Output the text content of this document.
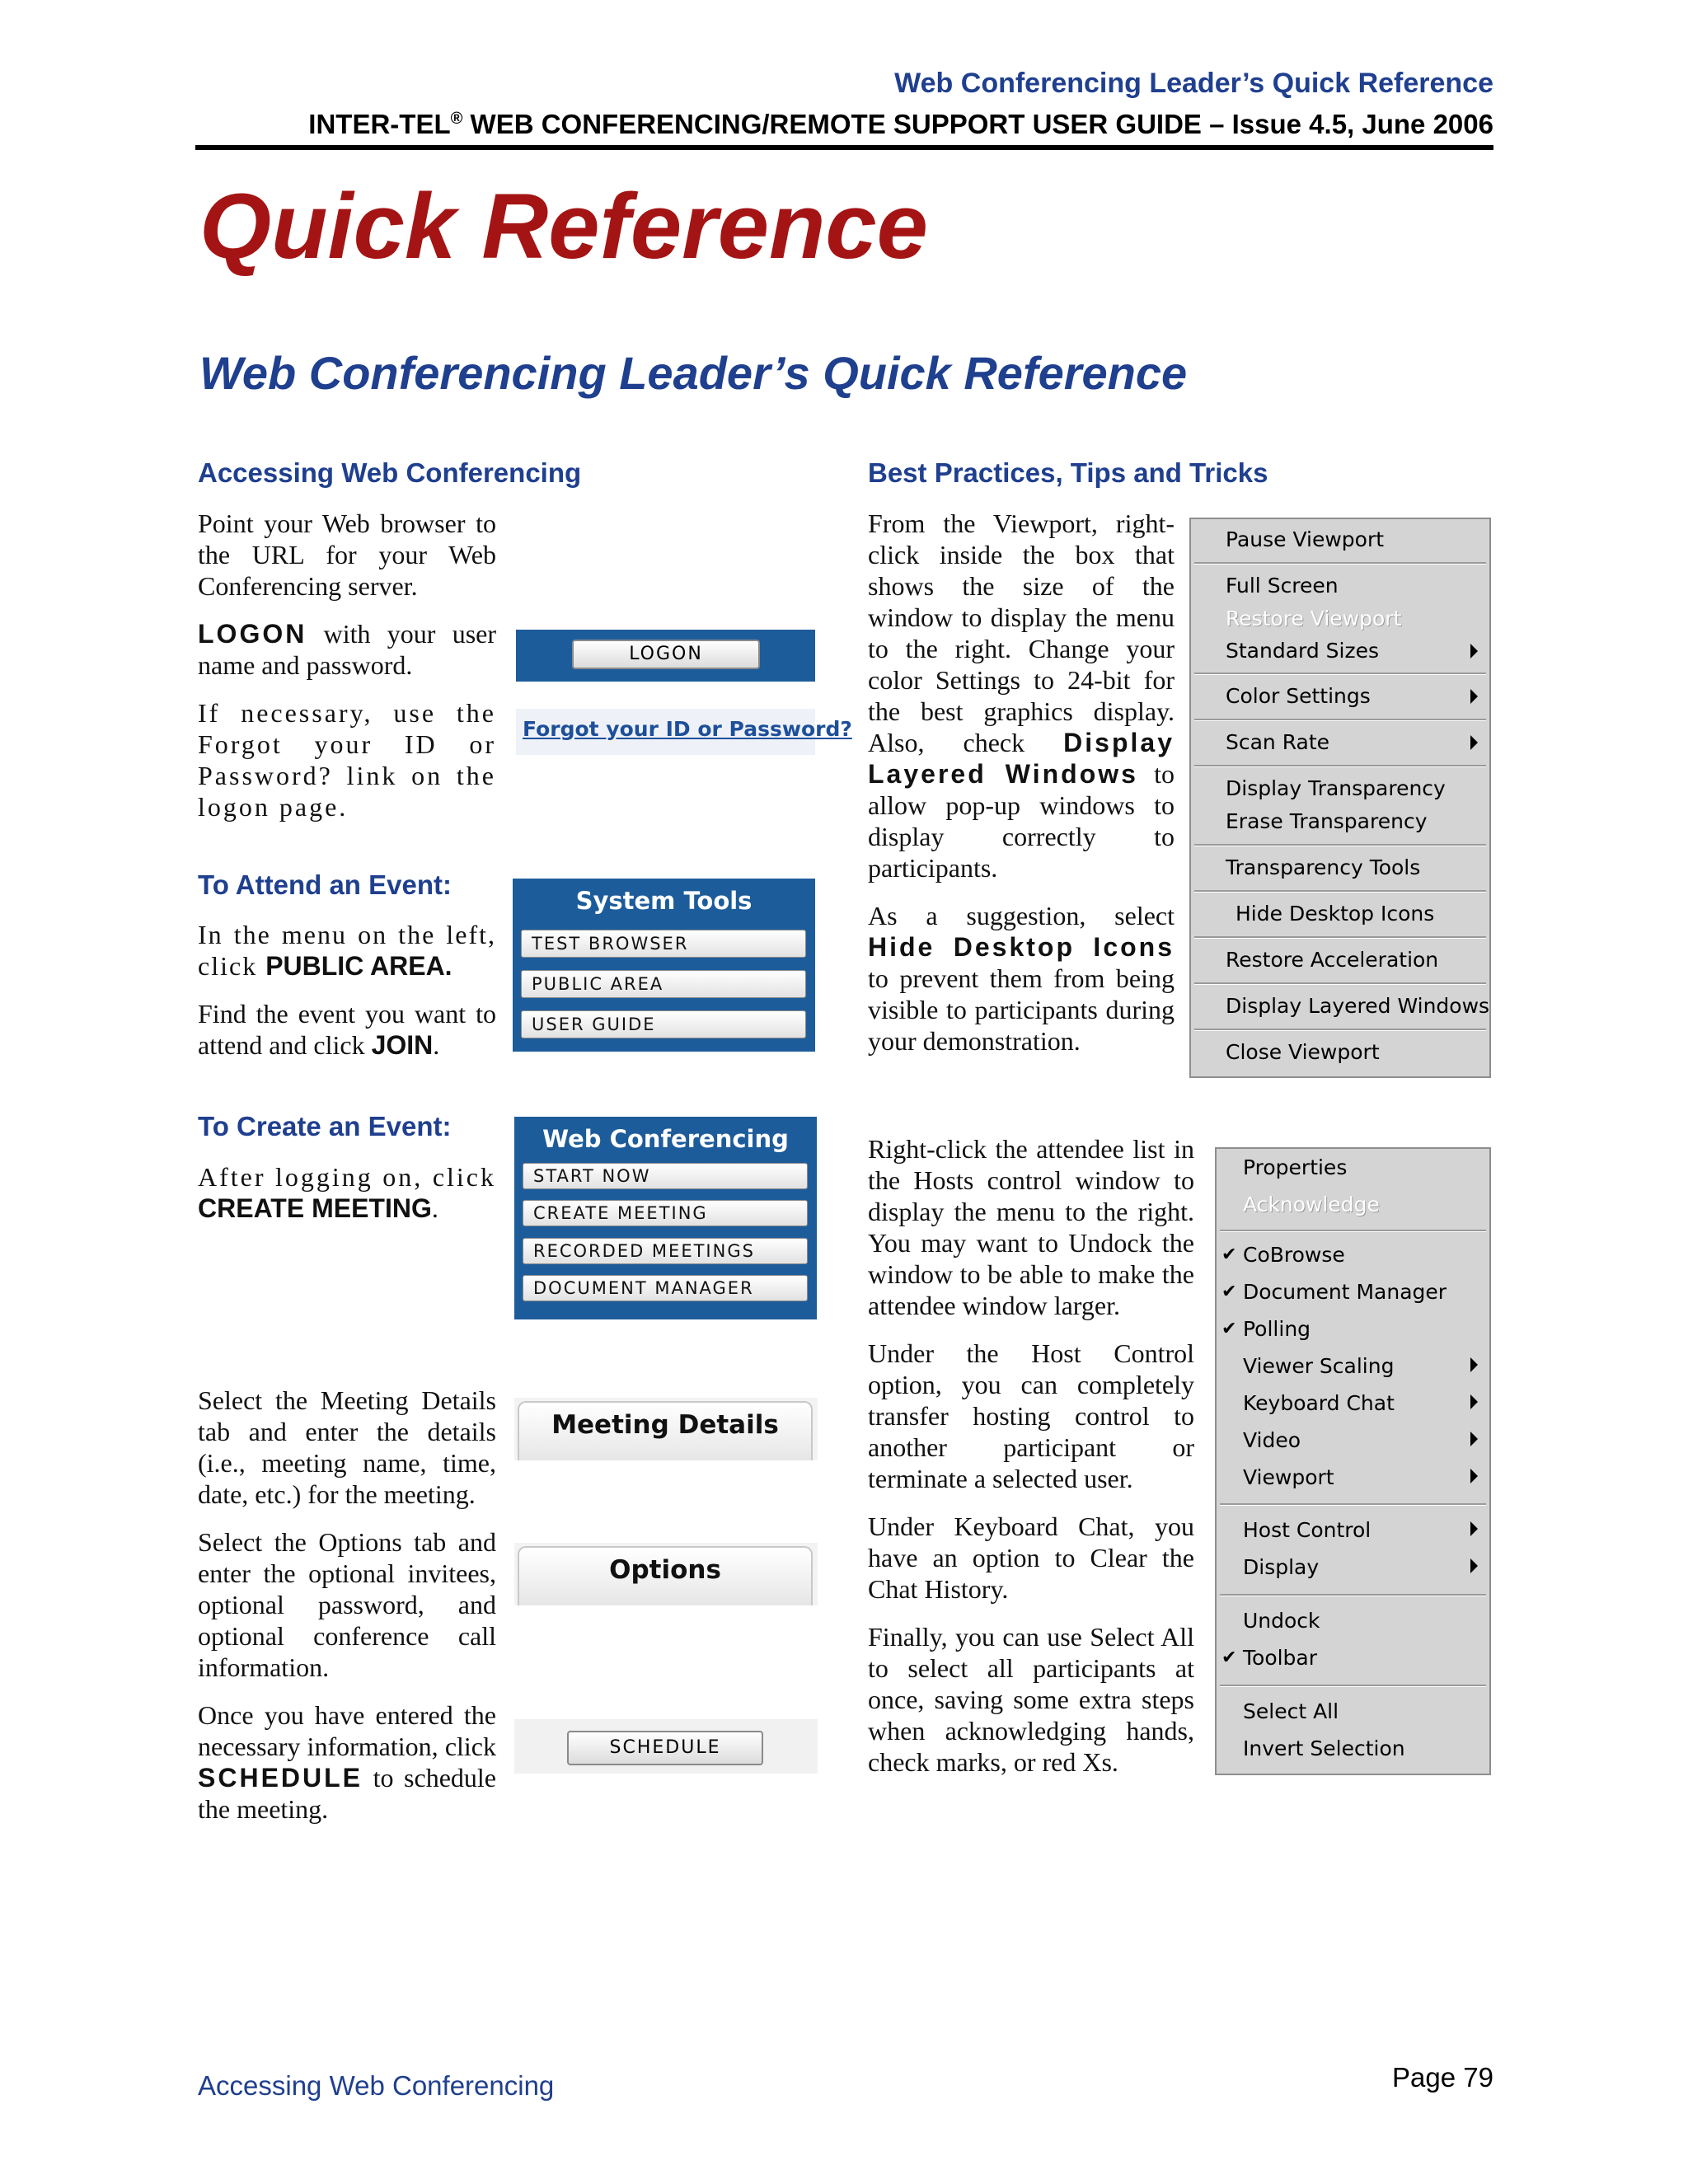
Web Conferencing Leader’s Quick Reference
INTER-TEL® WEB CONFERENCING/REMOTE SUPPORT USER GUIDE – Issue 4.5, June 2006
Quick Reference
Web Conferencing Leader’s Quick Reference
Accessing Web Conferencing

Point your Web browser to the URL for your Web Conferencing server.

LOGON with your user name and password.

If necessary, use the Forgot your ID or Password? link on the logon page.

LOGON
Forgot your ID or Password?
To Attend an Event:

In the menu on the left, click PUBLIC AREA.

Find the event you want to attend and click JOIN.

System Tools
TEST BROWSER
PUBLIC AREA
USER GUIDE
To Create an Event:

After logging on, click CREATE MEETING.

Web Conferencing
START NOW
CREATE MEETING
RECORDED MEETINGS
DOCUMENT MANAGER

Select the Meeting Details tab and enter the details (i.e., meeting name, time, date, etc.) for the meeting.

Select the Options tab and enter the optional invitees, optional password, and optional conference call information.

Once you have entered the necessary information, click SCHEDULE to schedule the meeting.

Meeting Details
Options
SCHEDULE
Best Practices, Tips and Tricks

From the Viewport, right-click inside the box that shows the size of the window to display the menu to the right. Change your color Settings to 24-bit for the best graphics display. Also, check Display Layered Windows to allow pop-up windows to display correctly to participants.

As a suggestion, select Hide Desktop Icons to prevent them from being visible to participants during your demonstration.

Pause Viewport
Full Screen
Restore Viewport
Standard Sizes
Color Settings
Scan Rate
Display Transparency
Erase Transparency
Transparency Tools
Hide Desktop Icons
Restore Acceleration
Display Layered Windows
Close Viewport

Right-click the attendee list in the Hosts control window to display the menu to the right. You may want to Undock the window to be able to make the attendee window larger.

Under the Host Control option, you can completely transfer hosting control to another participant or terminate a selected user.

Under Keyboard Chat, you have an option to Clear the Chat History.

Finally, you can use Select All to select all participants at once, saving some extra steps when acknowledging hands, check marks, or red Xs.

Properties
Acknowledge
✔ CoBrowse
✔ Document Manager
✔ Polling
Viewer Scaling
Keyboard Chat
Video
Viewport
Host Control
Display
Undock
✔ Toolbar
Select All
Invert Selection
Accessing Web Conferencing	Page 79
